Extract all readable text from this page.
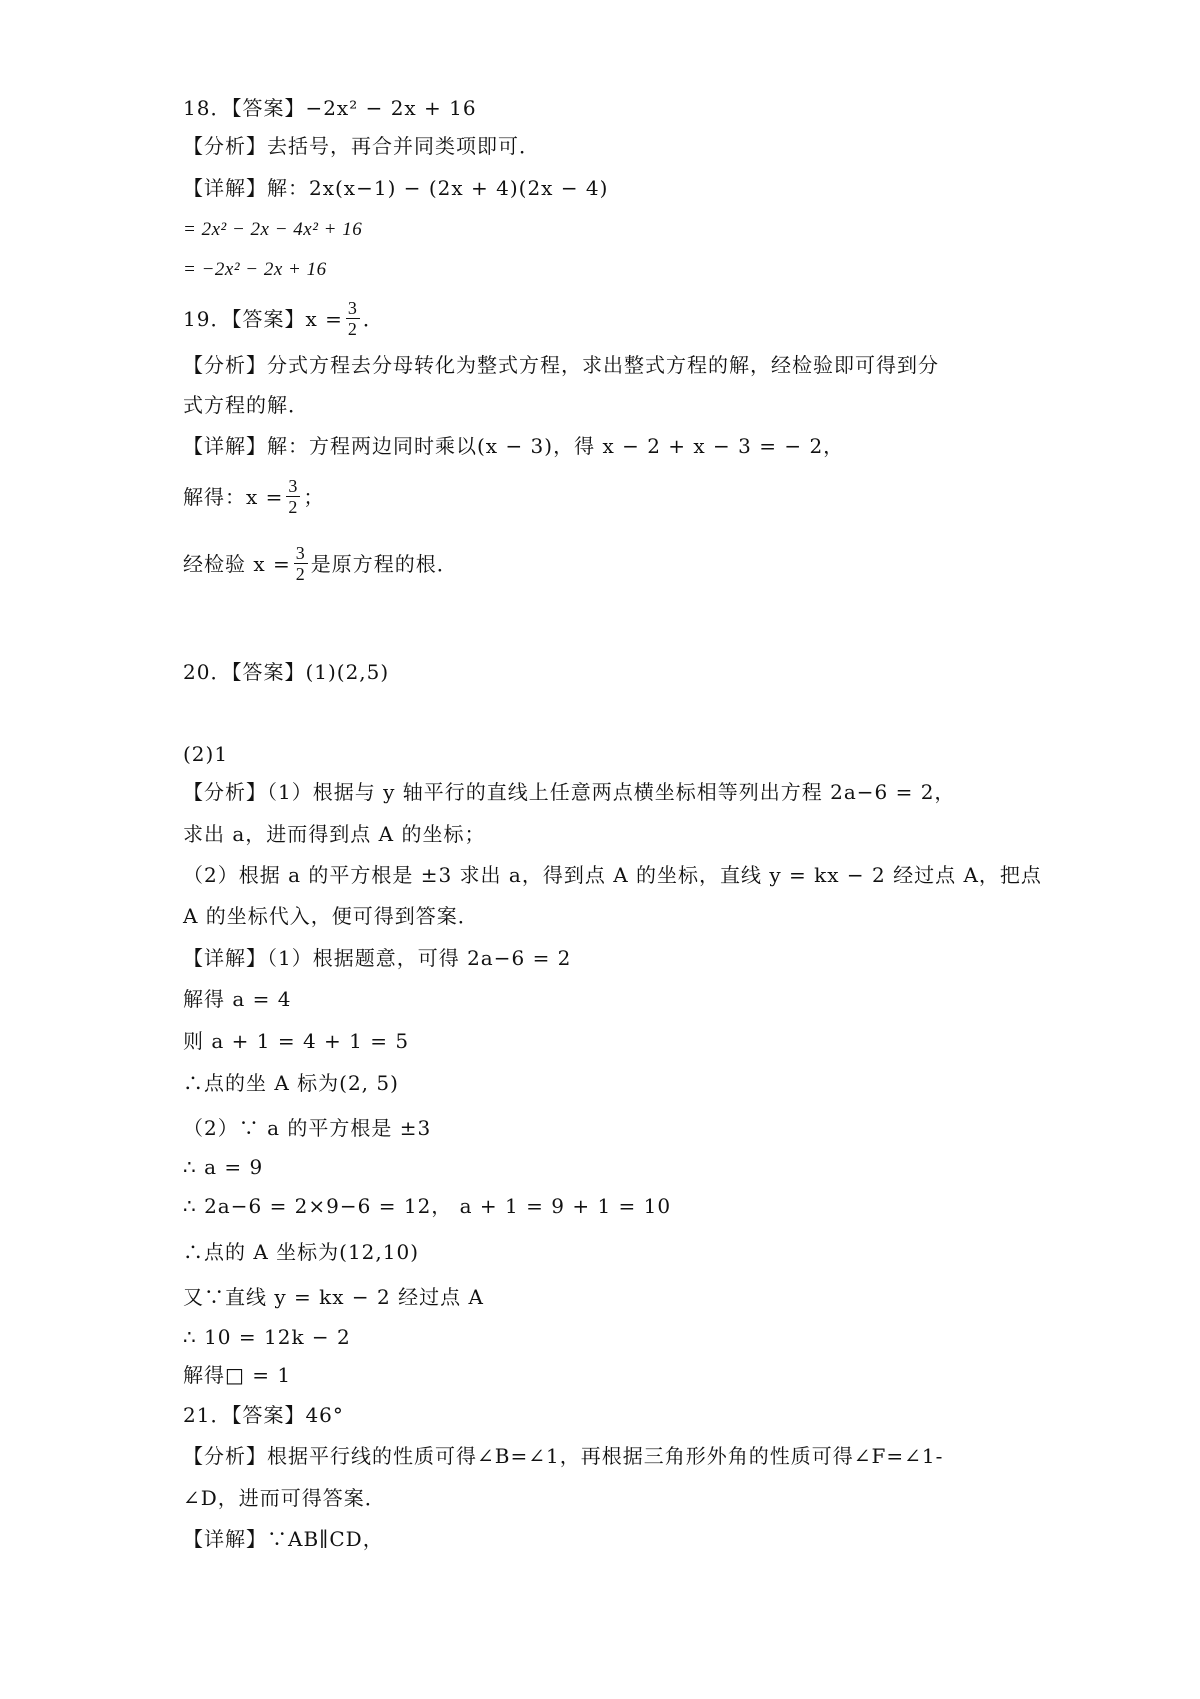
18．【答案】−2x² − 2x + 16
【分析】去括号，再合并同类项即可．
【详解】解：2x(x−1) − (2x + 4)(2x − 4)
= 2x² − 2x − 4x² + 16
= −2x² − 2x + 16
19．【答案】$x = \frac{3}{2}$ ．
【分析】分式方程去分母转化为整式方程，求出整式方程的解，经检验即可得到分
式方程的解．
【详解】解：方程两边同时乘以(x − 3)，得 x − 2 + x − 3 = − 2，
解得：$x = \frac{3}{2}$ ；
经检验 $x = \frac{3}{2}$ 是原方程的根．
20．【答案】(1)(2,5)
(2)1
【分析】（1）根据与 y 轴平行的直线上任意两点横坐标相等列出方程 2a−6 = 2，
求出 a，进而得到点 A 的坐标；
（2）根据 a 的平方根是 ±3 求出 a，得到点 A 的坐标，直线 y = kx − 2 经过点 A，把点
A 的坐标代入，便可得到答案．
【详解】（1）根据题意，可得 2a−6 = 2
解得 a = 4
则 a + 1 = 4 + 1 = 5
∴点的坐 A 标为(2, 5)
（2）∵ a 的平方根是 ±3
∴ a = 9
∴ 2a−6 = 2×9−6 = 12， a + 1 = 9 + 1 = 10
∴点的 A 坐标为(12,10)
又∵直线 y = kx − 2 经过点 A
∴ 10 = 12k − 2
解得□ = 1
21．【答案】46°
【分析】根据平行线的性质可得∠B=∠1，再根据三角形外角的性质可得∠F=∠1-
∠D，进而可得答案．
【详解】∵AB∥CD，
